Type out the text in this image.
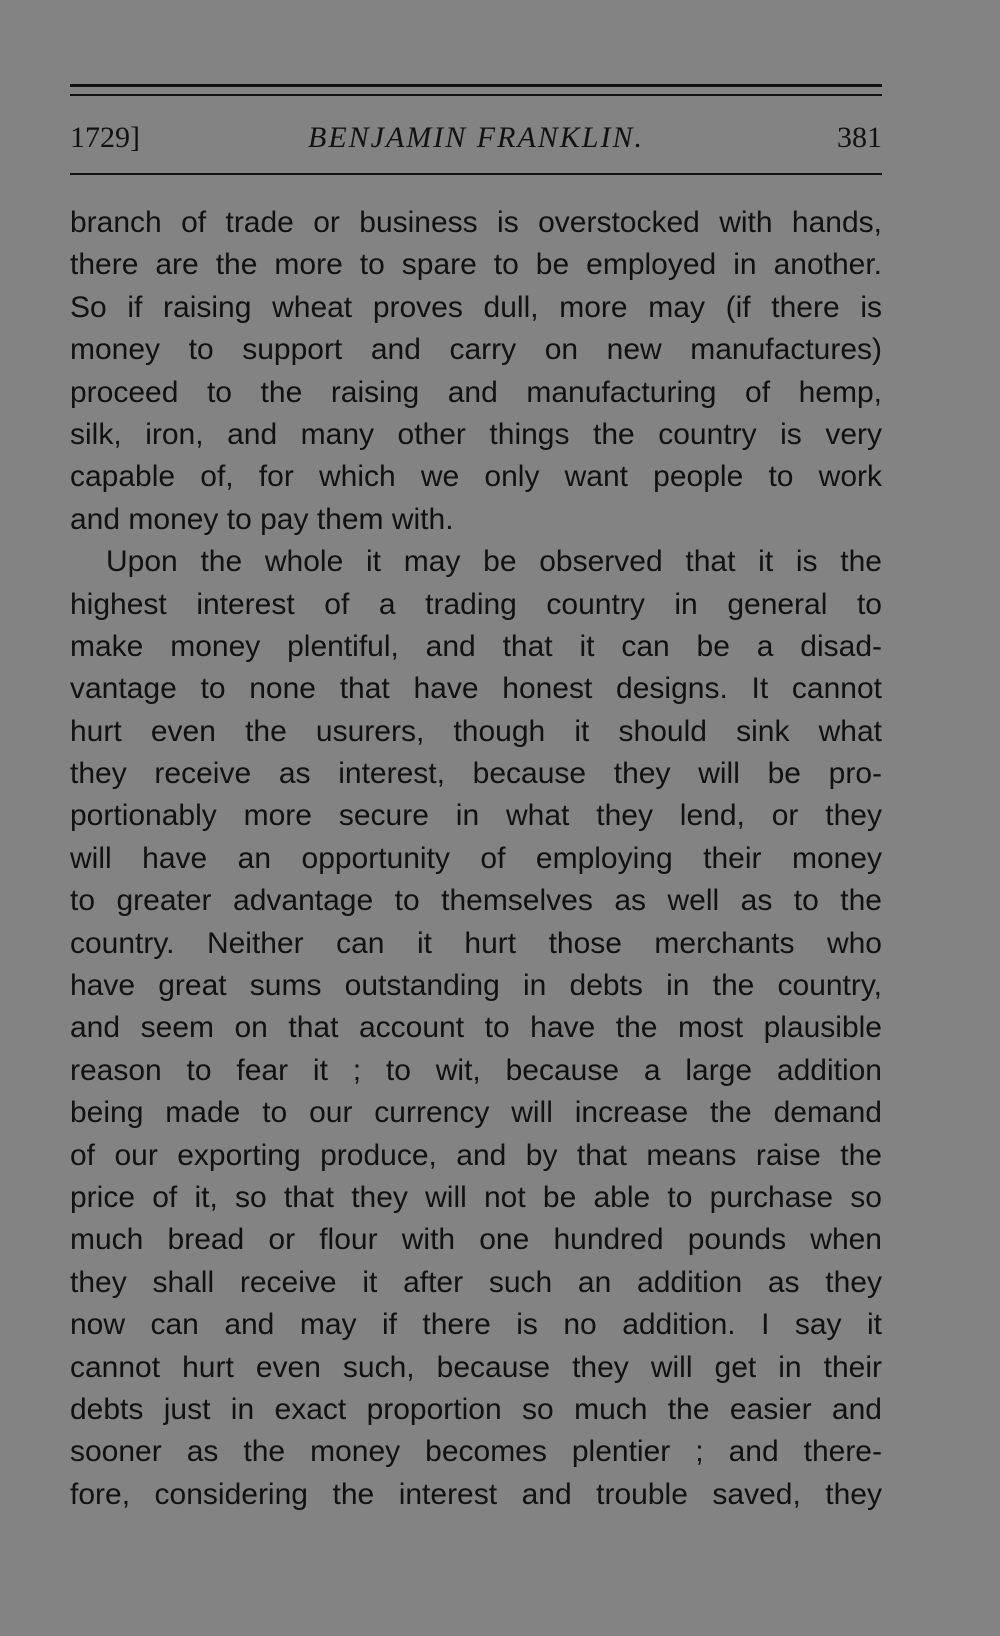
1729]	BENJAMIN FRANKLIN.	381
branch of trade or business is overstocked with hands,
there are the more to spare to be employed in another.
So if raising wheat proves dull, more may (if there is
money to support and carry on new manufactures)
proceed to the raising and manufacturing of hemp,
silk, iron, and many other things the country is very
capable of, for which we only want people to work
and money to pay them with.
Upon the whole it may be observed that it is the
highest interest of a trading country in general to
make money plentiful, and that it can be a disad-
vantage to none that have honest designs. It cannot
hurt even the usurers, though it should sink what
they receive as interest, because they will be pro-
portionably more secure in what they lend, or they
will have an opportunity of employing their money
to greater advantage to themselves as well as to the
country. Neither can it hurt those merchants who
have great sums outstanding in debts in the country,
and seem on that account to have the most plausible
reason to fear it ; to wit, because a large addition
being made to our currency will increase the demand
of our exporting produce, and by that means raise the
price of it, so that they will not be able to purchase so
much bread or flour with one hundred pounds when
they shall receive it after such an addition as they
now can and may if there is no addition. I say it
cannot hurt even such, because they will get in their
debts just in exact proportion so much the easier and
sooner as the money becomes plentier ; and there-
fore, considering the interest and trouble saved, they
